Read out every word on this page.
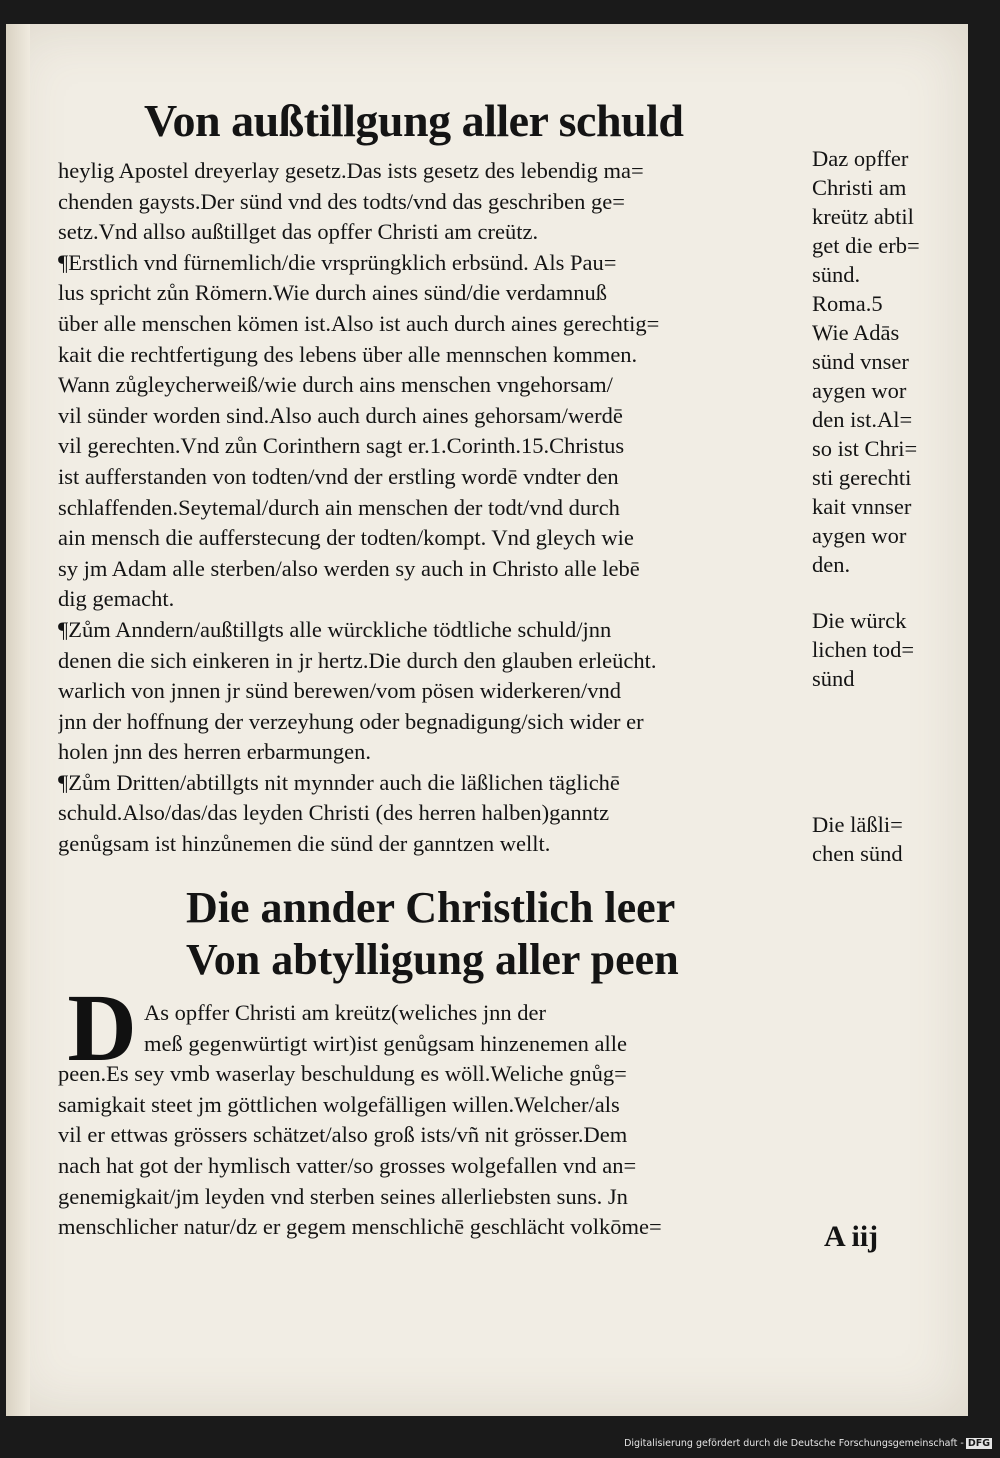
Von außtillgung aller schuld
heylig Apostel dreyerlay gesetz.Das ists gesetz des lebendig ma=
chenden gaysts.Der sünd vnd des todts/vnd das geschriben ge=
setz.Vnd allso außtillget das opffer Christi am creütz.
¶Erstlich vnd fürnemlich/die vrsprüngklich erbsünd. Als Pau=
lus spricht zůn Römern.Wie durch aines sünd/die verdamnuß
über alle menschen kömen ist.Also ist auch durch aines gerechtig=
kait die rechtfertigung des lebens über alle mennschen kommen.
Wann zůgleycherweiß/wie durch ains menschen vngehorsam/
vil sünder worden sind.Also auch durch aines gehorsam/werdē
vil gerechten.Vnd zůn Corinthern sagt er.1.Corinth.15.Christus
ist aufferstanden von todten/vnd der erstling wordē vndter den
schlaffenden.Seytemal/durch ain menschen der todt/vnd durch
ain mensch die aufferstecung der todten/kompt. Vnd gleych wie
sy jm Adam alle sterben/also werden sy auch in Christo alle lebē
dig gemacht.
¶Zům Anndern/außtillgts alle würckliche tödtliche schuld/jnn
denen die sich einkeren in jr hertz.Die durch den glauben erleücht.
warlich von jnnen jr sünd berewen/vom pösen widerkeren/vnd
jnn der hoffnung der verzeyhung oder begnadigung/sich wider er
holen jnn des herren erbarmungen.
¶Zům Dritten/abtillgts nit mynnder auch die läßlichen täglichē
schuld.Also/das/das leyden Christi (des herren halben)ganntz
genůgsam ist hinzůnemen die sünd der ganntzen wellt.
Die annder Christlich leer
Von abtylligung aller peen
D As opffer Christi am kreütz(weliches jnn der
meß gegenwürtigt wirt)ist genůgsam hinzenemen alle
peen.Es sey vmb waserlay beschuldung es wöll.Weliche gnůg=
samigkait steet jm göttlichen wolgefälligen willen.Welcher/als
vil er ettwas grössers schätzet/also groß ists/vñ nit grösser.Dem
nach hat got der hymlisch vatter/so grosses wolgefallen vnd an=
genemigkait/jm leyden vnd sterben seines allerliebsten suns. Jn
menschlicher natur/dz er gegem menschlichē geschlächt volkōme=
Daz opffer
Christi am
kreütz abtil
get die erb=
sünd.
Roma.5
Wie Adās
sünd vnser
aygen wor
den ist.Al=
so ist Chri=
sti gerechti
kait vnnser
aygen wor
den.
Die würck
lichen tod=
sünd
Die läßli=
chen sünd
A iij
Digitalisierung gefördert durch die Deutsche Forschungsgemeinschaft - DFG
